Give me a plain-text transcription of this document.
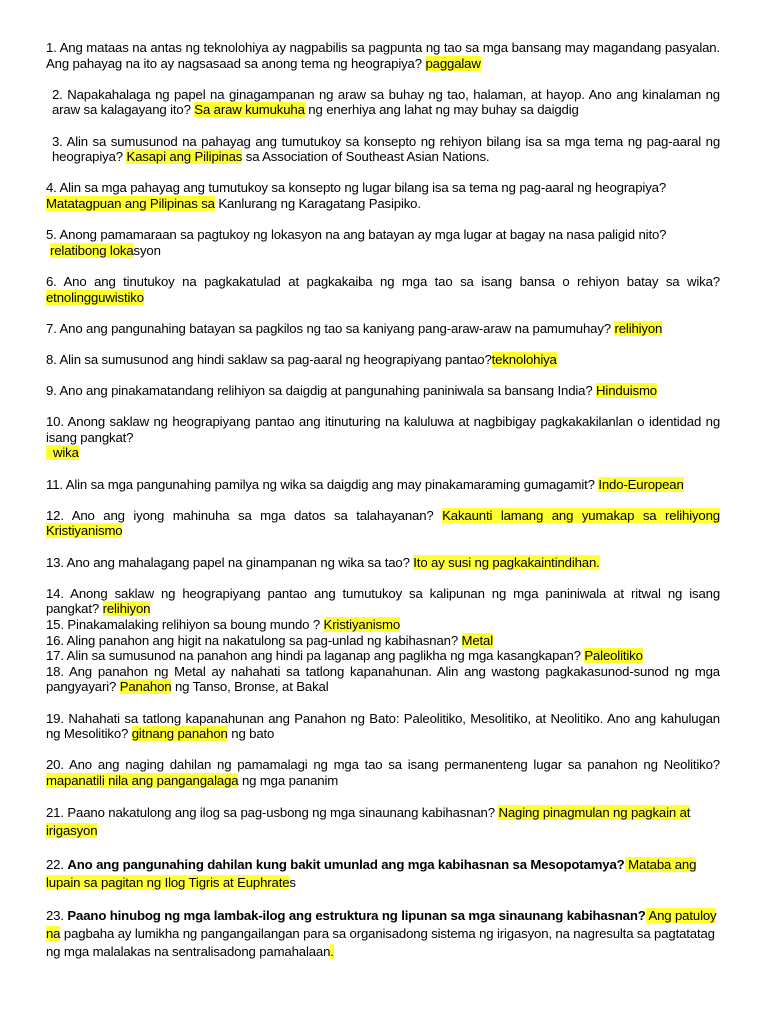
1. Ang mataas na antas ng teknolohiya ay nagpabilis sa pagpunta ng tao sa mga bansang may magandang pasyalan. Ang pahayag na ito ay nagsasaad sa anong tema ng heograpiya? paggalaw

2. Napakahalaga ng papel na ginagampanan ng araw sa buhay ng tao, halaman, at hayop. Ano ang kinalaman ng araw sa kalagayang ito? Sa araw kumukuha ng enerhiya ang lahat ng may buhay sa daigdig

3. Alin sa sumusunod na pahayag ang tumutukoy sa konsepto ng rehiyon bilang isa sa mga tema ng pag-aaral ng heograpiya? Kasapi ang Pilipinas sa Association of Southeast Asian Nations.

4. Alin sa mga pahayag ang tumutukoy sa konsepto ng lugar bilang isa sa tema ng pag-aaral ng heograpiya?
Matatagpuan ang Pilipinas sa Kanlurang ng Karagatang Pasipiko.

5. Anong pamamaraan sa pagtukoy ng lokasyon na ang batayan ay mga lugar at bagay na nasa paligid nito?
relatibong lokasyon

6. Ano ang tinutukoy na pagkakatulad at pagkakaiba ng mga tao sa isang bansa o rehiyon batay sa wika? etnolingguwistiko

7. Ano ang pangunahing batayan sa pagkilos ng tao sa kaniyang pang-araw-araw na pamumuhay? relihiyon

8. Alin sa sumusunod ang hindi saklaw sa pag-aaral ng heograpiyang pantao?teknolohiya

9. Ano ang pinakamatandang relihiyon sa daigdig at pangunahing paniniwala sa bansang India? Hinduismo

10. Anong saklaw ng heograpiyang pantao ang itinuturing na kaluluwa at nagbibigay pagkakakilanlan o identidad ng isang pangkat?
wika

11. Alin sa mga pangunahing pamilya ng wika sa daigdig ang may pinakamaraming gumagamit? Indo-European

12. Ano ang iyong mahinuha sa mga datos sa talahayanan? Kakaunti lamang ang yumakap sa relihiyong Kristiyanismo

13. Ano ang mahalagang papel na ginampanan ng wika sa tao? Ito ay susi ng pagkakaintindihan.

14. Anong saklaw ng heograpiyang pantao ang tumutukoy sa kalipunan ng mga paniniwala at ritwal ng isang pangkat? relihiyon

15. Pinakamalaking relihiyon sa boung mundo ? Kristiyanismo

16. Aling panahon ang higit na nakatulong sa pag-unlad ng kabihasnan? Metal

17. Alin sa sumusunod na panahon ang hindi pa laganap ang paglikha ng mga kasangkapan? Paleolitiko

18. Ang panahon ng Metal ay nahahati sa tatlong kapanahunan. Alin ang wastong pagkakasunod-sunod ng mga pangyayari? Panahon ng Tanso, Bronse, at Bakal

19. Nahahati sa tatlong kapanahunan ang Panahon ng Bato: Paleolitiko, Mesolitiko, at Neolitiko. Ano ang kahulugan ng Mesolitiko? gitnang panahon ng bato

20. Ano ang naging dahilan ng pamamalagi ng mga tao sa isang permanenteng lugar sa panahon ng Neolitiko? mapanatili nila ang pangangalaga ng mga pananim

21. Paano nakatulong ang ilog sa pag-usbong ng mga sinaunang kabihasnan? Naging pinagmulan ng pagkain at irigasyon

22. Ano ang pangunahing dahilan kung bakit umunlad ang mga kabihasnan sa Mesopotamya? Mataba ang lupain sa pagitan ng Ilog Tigris at Euphrates

23. Paano hinubog ng mga lambak-ilog ang estruktura ng lipunan sa mga sinaunang kabihasnan? Ang patuloy na pagbaha ay lumikha ng pangangailangan para sa organisadong sistema ng irigasyon, na nagresulta sa pagtatatag ng mga malalakas na sentralisadong pamahalaan.
